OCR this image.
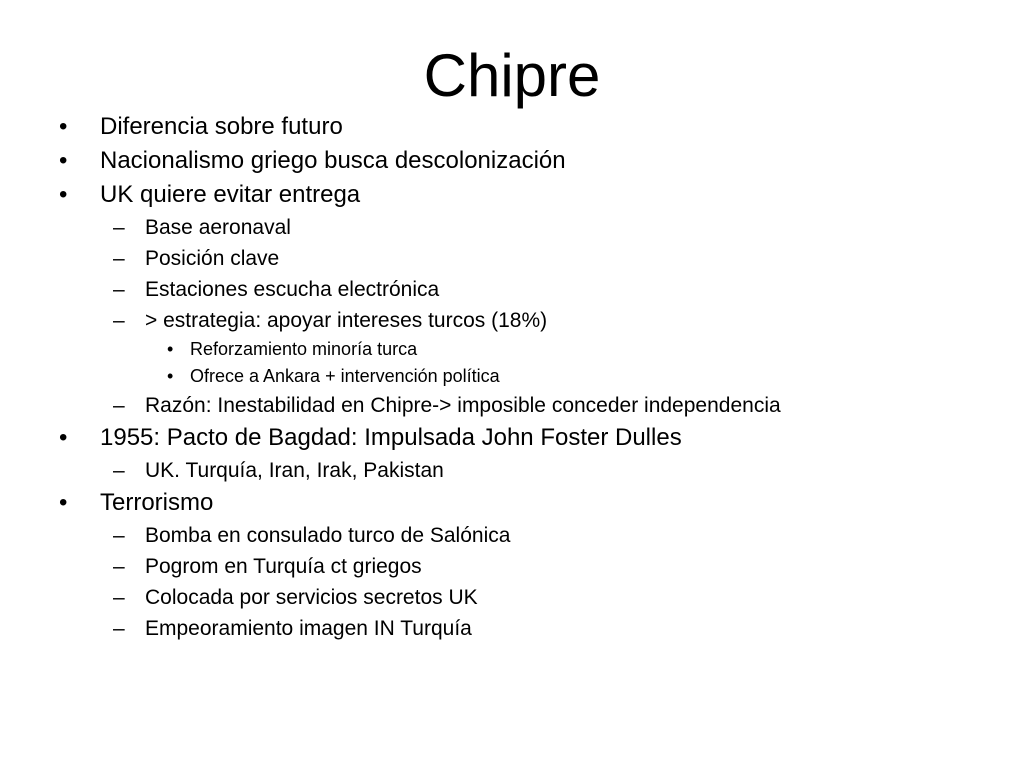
Chipre
• Diferencia sobre futuro
• Nacionalismo griego busca descolonización
• UK quiere evitar entrega
– Base aeronaval
– Posición clave
– Estaciones escucha electrónica
– > estrategia: apoyar intereses turcos (18%)
• Reforzamiento minoría turca
• Ofrece a Ankara + intervención política
– Razón: Inestabilidad en Chipre-> imposible conceder independencia
• 1955: Pacto de Bagdad: Impulsada John Foster Dulles
– UK. Turquía, Iran, Irak, Pakistan
• Terrorismo
– Bomba en consulado turco de Salónica
– Pogrom en Turquía ct griegos
– Colocada por servicios secretos UK
– Empeoramiento imagen IN Turquía
